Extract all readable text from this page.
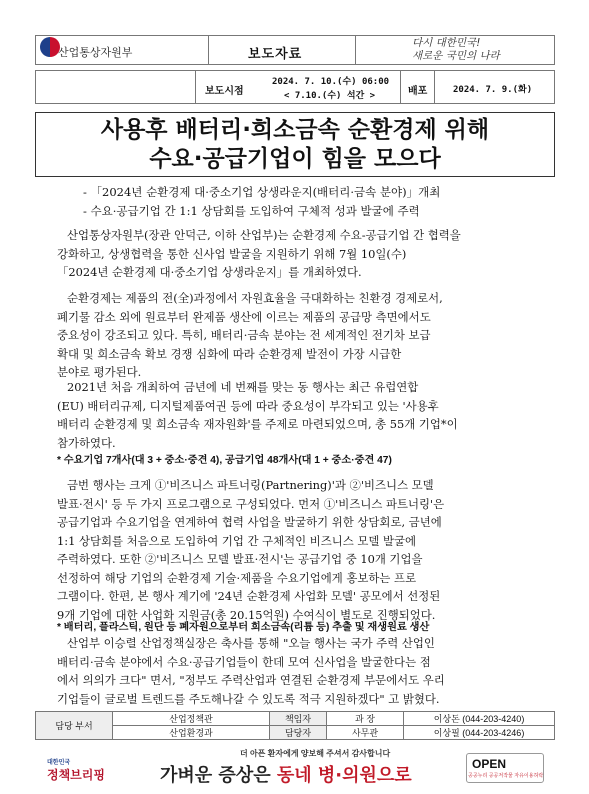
산업통상자원부	보도자료
다시 대한민국!
새로운 국민의 나라
보도시점
2024. 7. 10.(수) 06:00
< 7.10.(수) 석간 >	배포	2024. 7. 9.(화)
사용후 배터리·희소금속 순환경제 위해
수요·공급기업이 힘을 모으다
- 「2024년 순환경제 대·중소기업 상생라운지(배터리·금속 분야)」개최
- 수요·공급기업 간 1:1 상담회를 도입하여 구체적 성과 발굴에 주력
산업통상자원부(장관 안덕근, 이하 산업부)는 순환경제 수요-공급기업 간 협력을
강화하고, 상생협력을 통한 신사업 발굴을 지원하기 위해 7월 10일(수)
「2024년 순환경제 대·중소기업 상생라운지」를 개최하였다.
순환경제는 제품의 전(全)과정에서 자원효율을 극대화하는 친환경 경제로서,
폐기물 감소 외에 원료부터 완제품 생산에 이르는 제품의 공급망 측면에서도
중요성이 강조되고 있다. 특히, 배터리·금속 분야는 전 세계적인 전기차 보급
확대 및 희소금속 확보 경쟁 심화에 따라 순환경제 발전이 가장 시급한
분야로 평가된다.
2021년 처음 개최하여 금년에 네 번째를 맞는 동 행사는 최근 유럽연합
(EU) 배터리규제, 디지털제품여권 등에 따라 중요성이 부각되고 있는 '사용후
배터리 순환경제 및 희소금속 재자원화'를 주제로 마련되었으며, 총 55개 기업*이
참가하였다.
* 수요기업 7개사(대 3 + 중소·중견 4), 공급기업 48개사(대 1 + 중소·중견 47)
금번 행사는 크게 ①'비즈니스 파트너링(Partnering)'과 ②'비즈니스 모델
발표·전시' 등 두 가지 프로그램으로 구성되었다. 먼저 ①'비즈니스 파트너링'은
공급기업과 수요기업을 연계하여 협력 사업을 발굴하기 위한 상담회로, 금년에
1:1 상담회를 처음으로 도입하여 기업 간 구체적인 비즈니스 모델 발굴에
주력하였다. 또한 ②'비즈니스 모델 발표·전시'는 공급기업 중 10개 기업을
선정하여 해당 기업의 순환경제 기술·제품을 수요기업에게 홍보하는 프로
그램이다. 한편, 본 행사 계기에 '24년 순환경제 사업화 모델' 공모에서 선정된
9개 기업에 대한 사업화 지원금(총 20.15억원) 수여식이 별도로 진행되었다.
* 배터리, 플라스틱, 원단 등 폐자원으로부터 희소금속(리튬 등) 추출 및 재생원료 생산
산업부 이승렬 산업정책실장은 축사를 통해 "오늘 행사는 국가 주력 산업인
배터리·금속 분야에서 수요·공급기업들이 한데 모여 신사업을 발굴한다는 점
에서 의의가 크다" 면서, "정부도 주력산업과 연결된 순환경제 부문에서도 우리
기업들이 글로벌 트렌드를 주도해나갈 수 있도록 적극 지원하겠다" 고 밝혔다.
담당 부서	산업정책관	책임자	과 장	이상돈 (044-203-4240)
	산업환경과	담당자	사무관	이상필 (044-203-4246)
대한민국
정책브리핑
더 아픈 환자에게 양보해 주셔서 감사합니다
가벼운 증상은 동네 병·의원으로
OPEN
공공누리 공공저작물 자유이용허락
